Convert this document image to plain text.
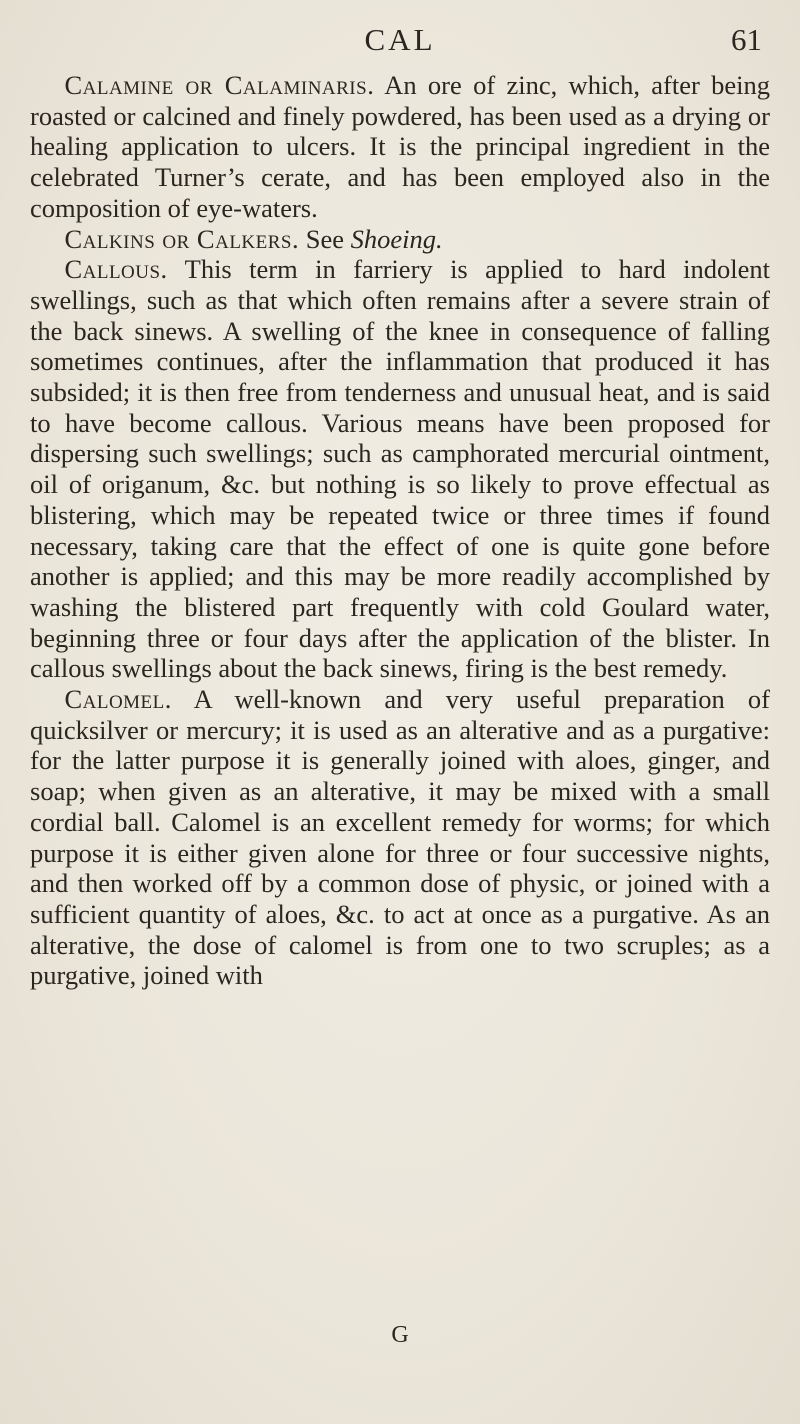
CAL	61

Calamine or Calaminaris. An ore of zinc, which, after being roasted or calcined and finely powdered, has been used as a drying or healing application to ulcers. It is the principal ingredient in the celebrated Turner’s cerate, and has been employed also in the composition of eye-waters.

Calkins or Calkers. See Shoeing.

Callous. This term in farriery is applied to hard indolent swellings, such as that which often remains after a severe strain of the back sinews. A swelling of the knee in consequence of falling sometimes continues, after the inflammation that produced it has subsided; it is then free from tenderness and unusual heat, and is said to have become callous. Various means have been proposed for dispersing such swellings; such as camphorated mercurial ointment, oil of origanum, &c. but nothing is so likely to prove effectual as blistering, which may be repeated twice or three times if found necessary, taking care that the effect of one is quite gone before another is applied; and this may be more readily accomplished by washing the blistered part frequently with cold Goulard water, beginning three or four days after the application of the blister. In callous swellings about the back sinews, firing is the best remedy.

Calomel. A well-known and very useful preparation of quicksilver or mercury; it is used as an alterative and as a purgative: for the latter purpose it is generally joined with aloes, ginger, and soap; when given as an alterative, it may be mixed with a small cordial ball. Calomel is an excellent remedy for worms; for which purpose it is either given alone for three or four successive nights, and then worked off by a common dose of physic, or joined with a sufficient quantity of aloes, &c. to act at once as a purgative. As an alterative, the dose of calomel is from one to two scruples; as a purgative, joined with

G
